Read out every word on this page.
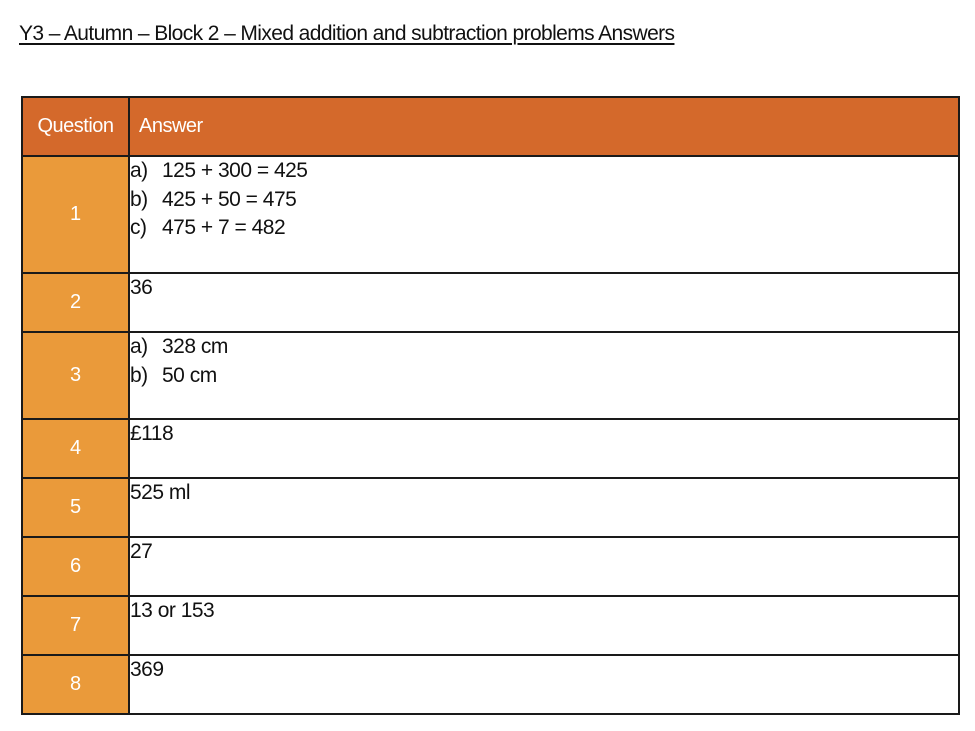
Y3 – Autumn – Block 2 – Mixed addition and subtraction problems Answers
Question	Answer
1	a) 125 + 300 = 425
b) 425 + 50 = 475
c) 475 + 7 = 482

2	36

3	a) 328 cm
b) 50 cm

4	£118

5	525 ml

6	27

7	13 or 153

8	369
